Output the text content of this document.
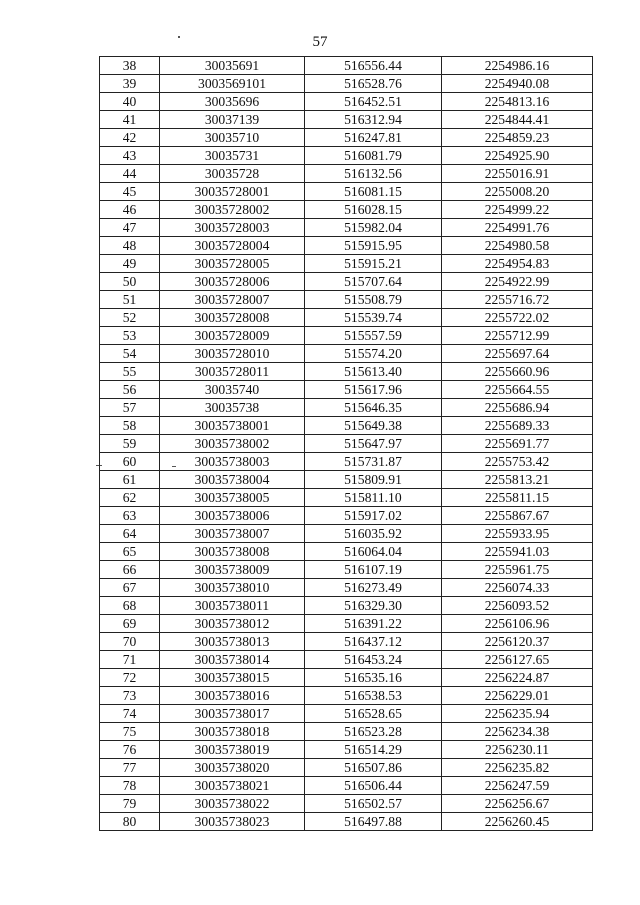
57
38	30035691	516556.44	2254986.16
39	3003569101	516528.76	2254940.08
40	30035696	516452.51	2254813.16
41	30037139	516312.94	2254844.41
42	30035710	516247.81	2254859.23
43	30035731	516081.79	2254925.90
44	30035728	516132.56	2255016.91
45	30035728001	516081.15	2255008.20
46	30035728002	516028.15	2254999.22
47	30035728003	515982.04	2254991.76
48	30035728004	515915.95	2254980.58
49	30035728005	515915.21	2254954.83
50	30035728006	515707.64	2254922.99
51	30035728007	515508.79	2255716.72
52	30035728008	515539.74	2255722.02
53	30035728009	515557.59	2255712.99
54	30035728010	515574.20	2255697.64
55	30035728011	515613.40	2255660.96
56	30035740	515617.96	2255664.55
57	30035738	515646.35	2255686.94
58	30035738001	515649.38	2255689.33
59	30035738002	515647.97	2255691.77
60	30035738003	515731.87	2255753.42
61	30035738004	515809.91	2255813.21
62	30035738005	515811.10	2255811.15
63	30035738006	515917.02	2255867.67
64	30035738007	516035.92	2255933.95
65	30035738008	516064.04	2255941.03
66	30035738009	516107.19	2255961.75
67	30035738010	516273.49	2256074.33
68	30035738011	516329.30	2256093.52
69	30035738012	516391.22	2256106.96
70	30035738013	516437.12	2256120.37
71	30035738014	516453.24	2256127.65
72	30035738015	516535.16	2256224.87
73	30035738016	516538.53	2256229.01
74	30035738017	516528.65	2256235.94
75	30035738018	516523.28	2256234.38
76	30035738019	516514.29	2256230.11
77	30035738020	516507.86	2256235.82
78	30035738021	516506.44	2256247.59
79	30035738022	516502.57	2256256.67
80	30035738023	516497.88	2256260.45
